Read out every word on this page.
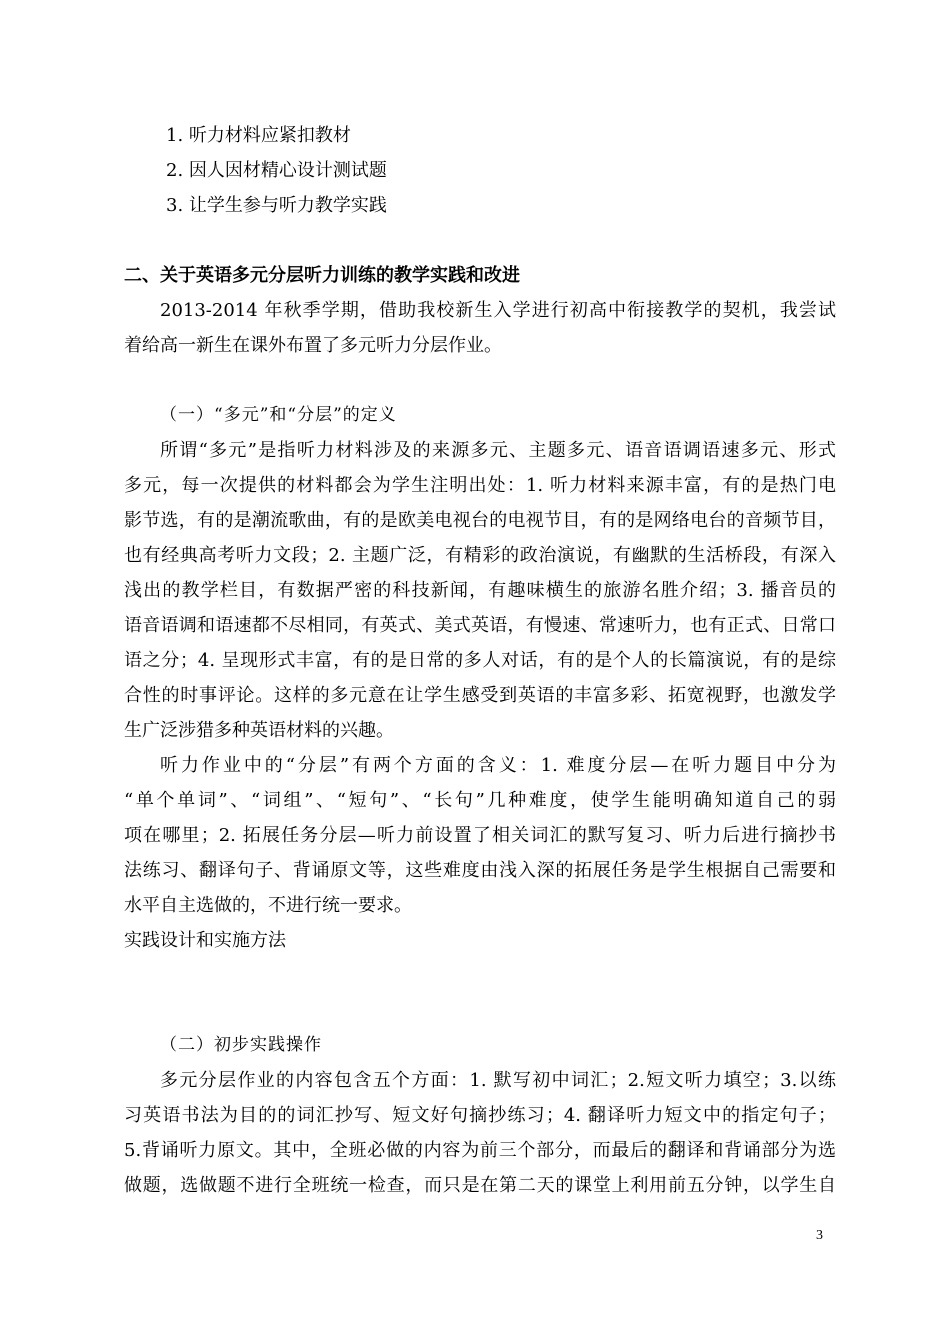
1. 听力材料应紧扣教材
2. 因人因材精心设计测试题
3. 让学生参与听力教学实践
二、关于英语多元分层听力训练的教学实践和改进
2013-2014 年秋季学期，借助我校新生入学进行初高中衔接教学的契机，我尝试
着给高一新生在课外布置了多元听力分层作业。
（一）“多元”和“分层”的定义
所谓“多元”是指听力材料涉及的来源多元、主题多元、语音语调语速多元、形式
多元，每一次提供的材料都会为学生注明出处：1. 听力材料来源丰富，有的是热门电
影节选，有的是潮流歌曲，有的是欧美电视台的电视节目，有的是网络电台的音频节目，
也有经典高考听力文段；2. 主题广泛，有精彩的政治演说，有幽默的生活桥段，有深入
浅出的教学栏目，有数据严密的科技新闻，有趣味横生的旅游名胜介绍；3. 播音员的
语音语调和语速都不尽相同，有英式、美式英语，有慢速、常速听力，也有正式、日常口
语之分；4. 呈现形式丰富，有的是日常的多人对话，有的是个人的长篇演说，有的是综
合性的时事评论。这样的多元意在让学生感受到英语的丰富多彩、拓宽视野，也激发学
生广泛涉猎多种英语材料的兴趣。
听力作业中的“分层”有两个方面的含义：1. 难度分层—在听力题目中分为
“单个单词”、“词组”、“短句”、“长句”几种难度，使学生能明确知道自己的弱
项在哪里；2. 拓展任务分层—听力前设置了相关词汇的默写复习、听力后进行摘抄书
法练习、翻译句子、背诵原文等，这些难度由浅入深的拓展任务是学生根据自己需要和
水平自主选做的，不进行统一要求。
实践设计和实施方法
（二）初步实践操作
多元分层作业的内容包含五个方面：1. 默写初中词汇；2.短文听力填空；3.以练
习英语书法为目的的词汇抄写、短文好句摘抄练习；4. 翻译听力短文中的指定句子；
5.背诵听力原文。其中，全班必做的内容为前三个部分，而最后的翻译和背诵部分为选
做题，选做题不进行全班统一检查，而只是在第二天的课堂上利用前五分钟，以学生自
3
